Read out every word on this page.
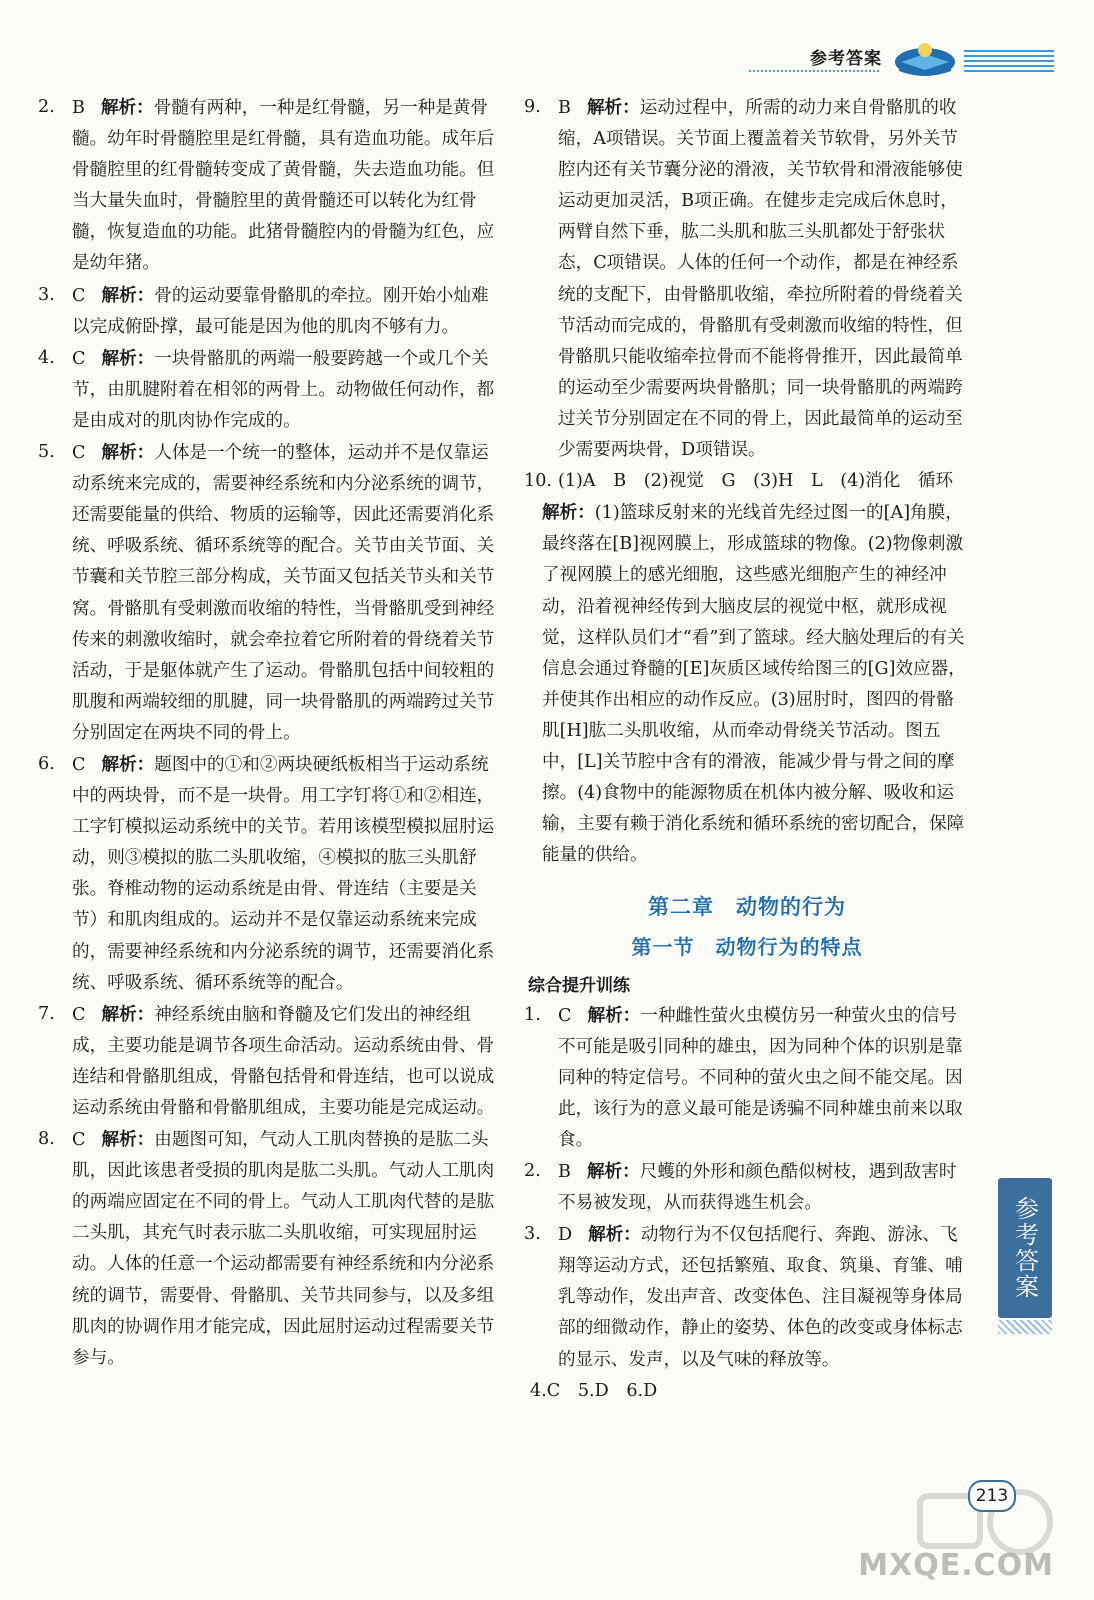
参考答案
2. B 解析：骨髓有两种，一种是红骨髓，另一种是黄骨髓。幼年时骨髓腔里是红骨髓，具有造血功能。成年后骨髓腔里的红骨髓转变成了黄骨髓，失去造血功能。但当大量失血时，骨髓腔里的黄骨髓还可以转化为红骨髓，恢复造血的功能。此猪骨髓腔内的骨髓为红色，应是幼年猪。
3. C 解析：骨的运动要靠骨骼肌的牵拉。刚开始小灿难以完成俯卧撑，最可能是因为他的肌肉不够有力。
4. C 解析：一块骨骼肌的两端一般要跨越一个或几个关节，由肌腱附着在相邻的两骨上。动物做任何动作，都是由成对的肌肉协作完成的。
5. C 解析：人体是一个统一的整体，运动并不是仅靠运动系统来完成的，需要神经系统和内分泌系统的调节，还需要能量的供给、物质的运输等，因此还需要消化系统、呼吸系统、循环系统等的配合。关节由关节面、关节囊和关节腔三部分构成，关节面又包括关节头和关节窝。骨骼肌有受刺激而收缩的特性，当骨骼肌受到神经传来的刺激收缩时，就会牵拉着它所附着的骨绕着关节活动，于是躯体就产生了运动。骨骼肌包括中间较粗的肌腹和两端较细的肌腱，同一块骨骼肌的两端跨过关节分别固定在两块不同的骨上。
6. C 解析：题图中的①和②两块硬纸板相当于运动系统中的两块骨，而不是一块骨。用工字钉将①和②相连，工字钉模拟运动系统中的关节。若用该模型模拟屈肘运动，则③模拟的肱二头肌收缩，④模拟的肱三头肌舒张。脊椎动物的运动系统是由骨、骨连结（主要是关节）和肌肉组成的。运动并不是仅靠运动系统来完成的，需要神经系统和内分泌系统的调节，还需要消化系统、呼吸系统、循环系统等的配合。
7. C 解析：神经系统由脑和脊髓及它们发出的神经组成，主要功能是调节各项生命活动。运动系统由骨、骨连结和骨骼肌组成，骨骼包括骨和骨连结，也可以说成运动系统由骨骼和骨骼肌组成，主要功能是完成运动。
8. C 解析：由题图可知，气动人工肌肉替换的是肱二头肌，因此该患者受损的肌肉是肱二头肌。气动人工肌肉的两端应固定在不同的骨上。气动人工肌肉代替的是肱二头肌，其充气时表示肱二头肌收缩，可实现屈肘运动。人体的任意一个运动都需要有神经系统和内分泌系统的调节，需要骨、骨骼肌、关节共同参与，以及多组肌肉的协调作用才能完成，因此屈肘运动过程需要关节参与。
9. B 解析：运动过程中，所需的动力来自骨骼肌的收缩，A项错误。关节面上覆盖着关节软骨，另外关节腔内还有关节囊分泌的滑液，关节软骨和滑液能够使运动更加灵活，B项正确。在健步走完成后休息时，两臂自然下垂，肱二头肌和肱三头肌都处于舒张状态，C项错误。人体的任何一个动作，都是在神经系统的支配下，由骨骼肌收缩，牵拉所附着的骨绕着关节活动而完成的，骨骼肌有受刺激而收缩的特性，但骨骼肌只能收缩牵拉骨而不能将骨推开，因此最简单的运动至少需要两块骨骼肌；同一块骨骼肌的两端跨过关节分别固定在不同的骨上，因此最简单的运动至少需要两块骨，D项错误。
10. (1)A　B　(2)视觉　G　(3)H　L　(4)消化　循环
解析：(1)篮球反射来的光线首先经过图一的[A]角膜，最终落在[B]视网膜上，形成篮球的物像。(2)物像刺激了视网膜上的感光细胞，这些感光细胞产生的神经冲动，沿着视神经传到大脑皮层的视觉中枢，就形成视觉，这样队员们才“看”到了篮球。经大脑处理后的有关信息会通过脊髓的[E]灰质区域传给图三的[G]效应器，并使其作出相应的动作反应。(3)屈肘时，图四的骨骼肌[H]肱二头肌收缩，从而牵动骨绕关节活动。图五中，[L]关节腔中含有的滑液，能减少骨与骨之间的摩擦。(4)食物中的能源物质在机体内被分解、吸收和运输，主要有赖于消化系统和循环系统的密切配合，保障能量的供给。
第二章　动物的行为
第一节　动物行为的特点
综合提升训练
1. C 解析：一种雌性萤火虫模仿另一种萤火虫的信号不可能是吸引同种的雄虫，因为同种个体的识别是靠同种的特定信号。不同种的萤火虫之间不能交尾。因此，该行为的意义最可能是诱骗不同种雄虫前来以取食。
2. B 解析：尺蠖的外形和颜色酷似树枝，遇到敌害时不易被发现，从而获得逃生机会。
3. D 解析：动物行为不仅包括爬行、奔跑、游泳、飞翔等运动方式，还包括繁殖、取食、筑巢、育雏、哺乳等动作，发出声音、改变体色、注目凝视等身体局部的细微动作，静止的姿势、体色的改变或身体标志的显示、发声，以及气味的释放等。
4.C　5.D　6.D
参考答案
213
MXQE.COM
